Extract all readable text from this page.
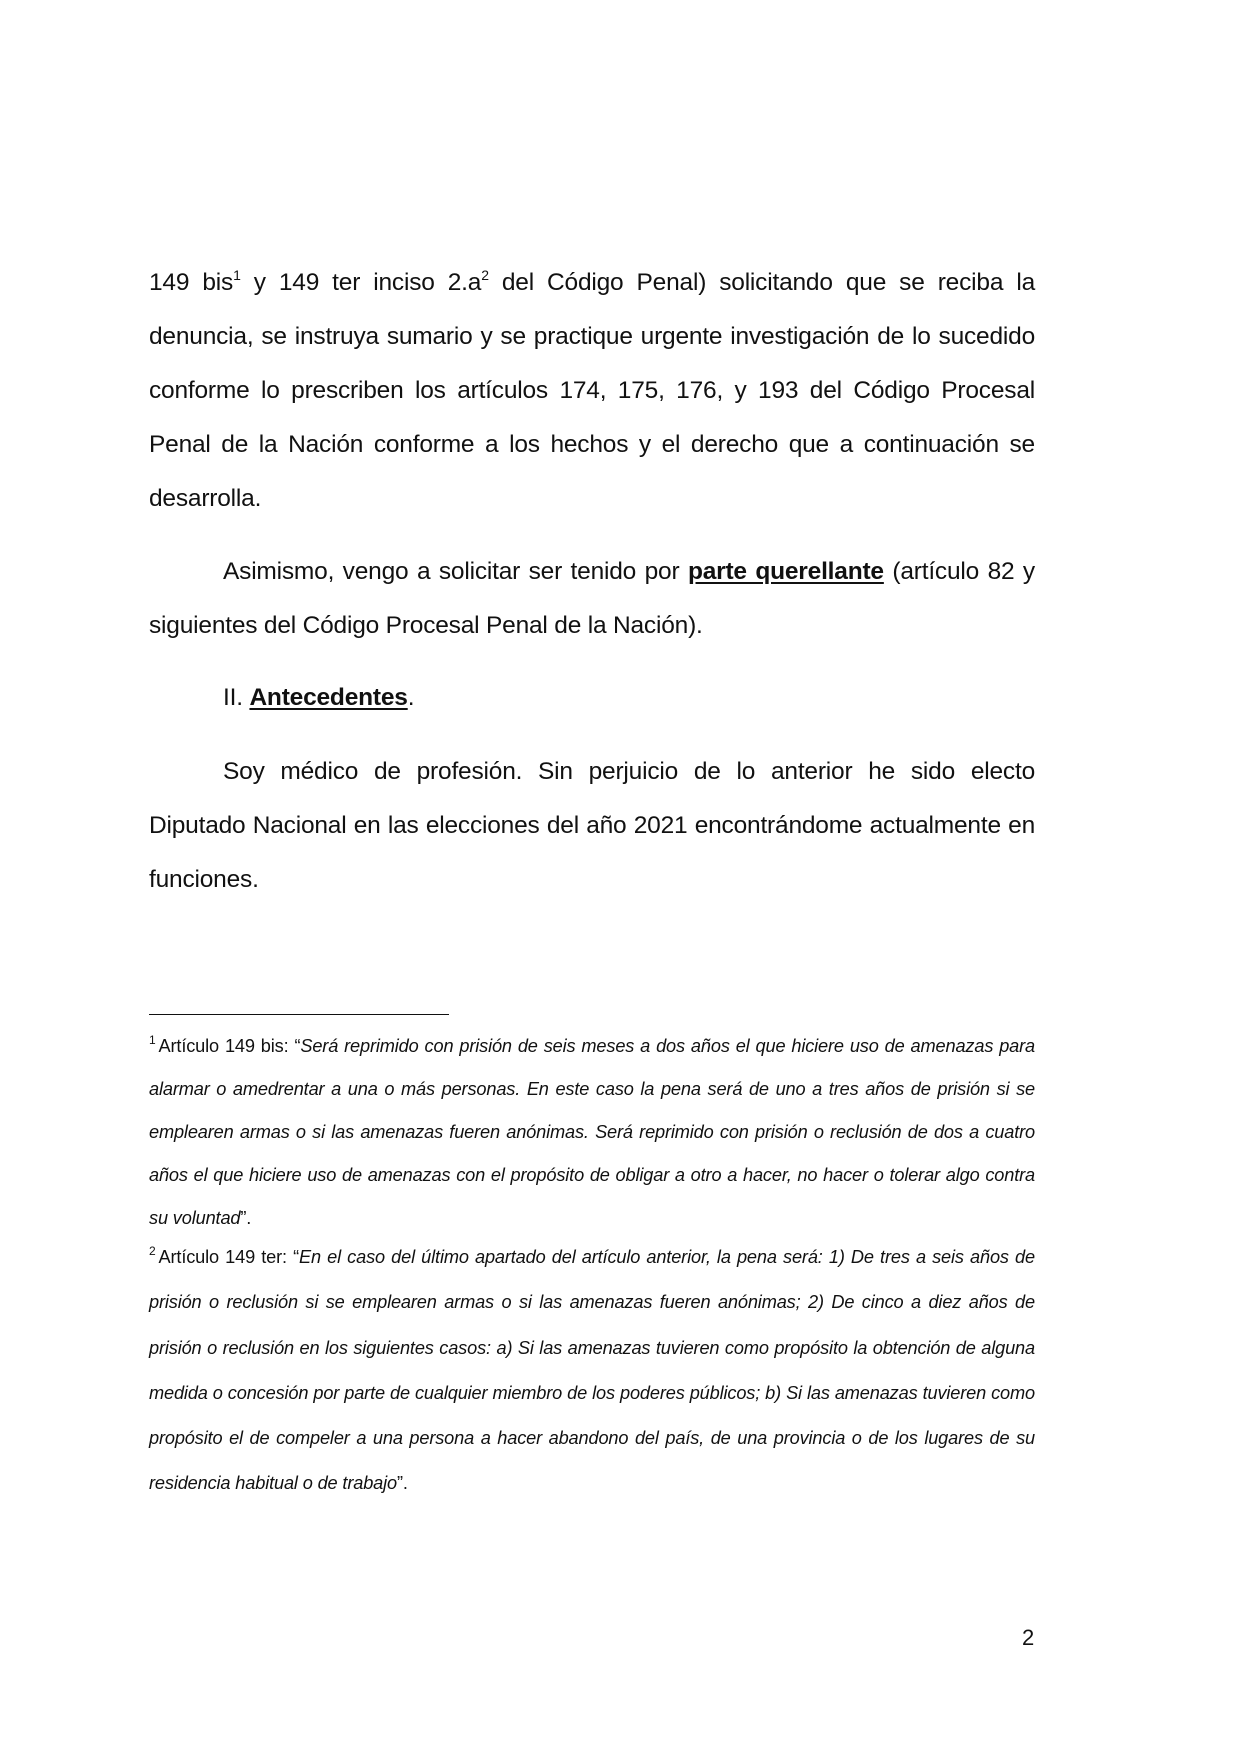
149 bis$^1$ y 149 ter inciso $2.a^2$ del Código Penal) solicitando que se reciba la denuncia, se instruya sumario y se practique urgente investigación de lo sucedido conforme lo prescriben los artículos 174, 175, 176, y 193 del Código Procesal Penal de la Nación conforme a los hechos y el derecho que a continuación se desarrolla.

Asimismo, vengo a solicitar ser tenido por parte querellante (artículo 82 y siguientes del Código Procesal Penal de la Nación).

II. Antecedentes.

Soy médico de profesión. Sin perjuicio de lo anterior he sido electo Diputado Nacional en las elecciones del año 2021 encontrándome actualmente en funciones.

$^1$ Artículo 149 bis: “Será reprimido con prisión de seis meses a dos años el que hiciere uso de amenazas para alarmar o amedrentar a una o más personas. En este caso la pena será de uno a tres años de prisión si se emplearen armas o si las amenazas fueren anónimas. Será reprimido con prisión o reclusión de dos a cuatro años el que hiciere uso de amenazas con el propósito de obligar a otro a hacer, no hacer o tolerar algo contra su voluntad”.

$^2$ Artículo 149 ter: “En el caso del último apartado del artículo anterior, la pena será: 1) De tres a seis años de prisión o reclusión si se emplearen armas o si las amenazas fueren anónimas; 2) De cinco a diez años de prisión o reclusión en los siguientes casos: a) Si las amenazas tuvieren como propósito la obtención de alguna medida o concesión por parte de cualquier miembro de los poderes públicos; b) Si las amenazas tuvieren como propósito el de compeler a una persona a hacer abandono del país, de una provincia o de los lugares de su residencia habitual o de trabajo”.

2
